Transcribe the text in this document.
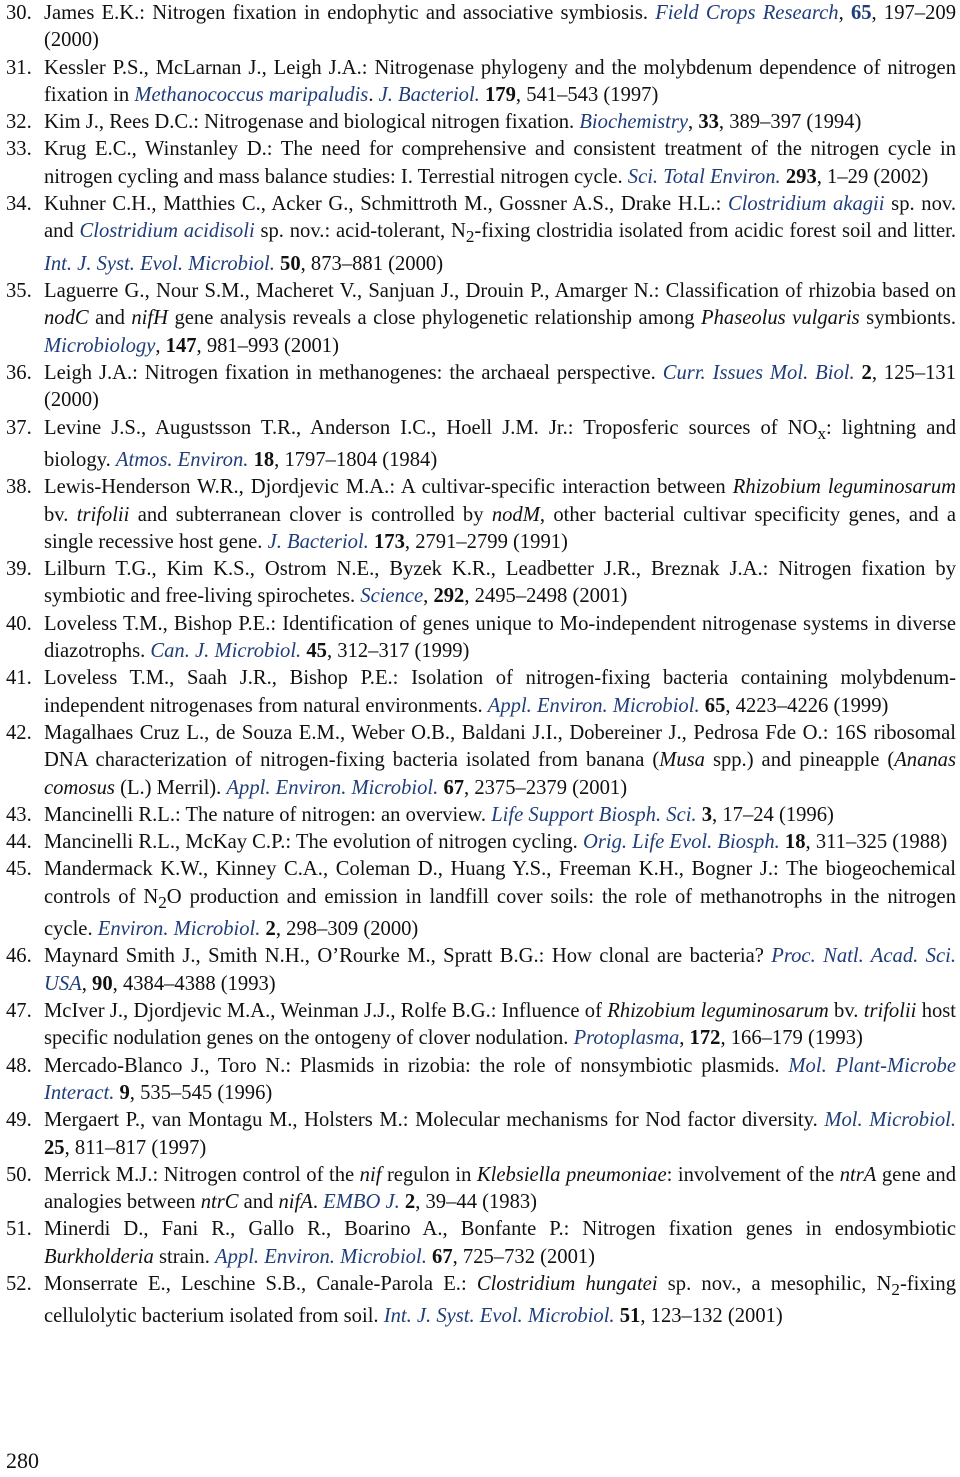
30. James E.K.: Nitrogen fixation in endophytic and associative symbiosis. Field Crops Research, 65, 197–209 (2000)
31. Kessler P.S., McLarnan J., Leigh J.A.: Nitrogenase phylogeny and the molybdenum dependence of nitrogen fixation in Methanococcus maripaludis. J. Bacteriol. 179, 541–543 (1997)
32. Kim J., Rees D.C.: Nitrogenase and biological nitrogen fixation. Biochemistry, 33, 389–397 (1994)
33. Krug E.C., Winstanley D.: The need for comprehensive and consistent treatment of the nitrogen cycle in nitrogen cycling and mass balance studies: I. Terrestial nitrogen cycle. Sci. Total Environ. 293, 1–29 (2002)
34. Kuhner C.H., Matthies C., Acker G., Schmittroth M., Gossner A.S., Drake H.L.: Clostridium akagii sp. nov. and Clostridium acidisoli sp. nov.: acid-tolerant, $N_2$-fixing clostridia isolated from acidic forest soil and litter. Int. J. Syst. Evol. Microbiol. 50, 873–881 (2000)
35. Laguerre G., Nour S.M., Macheret V., Sanjuan J., Drouin P., Amarger N.: Classification of rhizobia based on nodC and nifH gene analysis reveals a close phylogenetic relationship among Phaseolus vulgaris symbionts. Microbiology, 147, 981–993 (2001)
36. Leigh J.A.: Nitrogen fixation in methanogenes: the archaeal perspective. Curr. Issues Mol. Biol. 2, 125–131 (2000)
37. Levine J.S., Augustsson T.R., Anderson I.C., Hoell J.M. Jr.: Troposferic sources of $NO_x$: lightning and biology. Atmos. Environ. 18, 1797–1804 (1984)
38. Lewis-Henderson W.R., Djordjevic M.A.: A cultivar-specific interaction between Rhizobium leguminosarum bv. trifolii and subterranean clover is controlled by nodM, other bacterial cultivar specificity genes, and a single recessive host gene. J. Bacteriol. 173, 2791–2799 (1991)
39. Lilburn T.G., Kim K.S., Ostrom N.E., Byzek K.R., Leadbetter J.R., Breznak J.A.: Nitrogen fixation by symbiotic and free-living spirochetes. Science, 292, 2495–2498 (2001)
40. Loveless T.M., Bishop P.E.: Identification of genes unique to Mo-independent nitrogenase systems in diverse diazotrophs. Can. J. Microbiol. 45, 312–317 (1999)
41. Loveless T.M., Saah J.R., Bishop P.E.: Isolation of nitrogen-fixing bacteria containing molybdenum-independent nitrogenases from natural environments. Appl. Environ. Microbiol. 65, 4223–4226 (1999)
42. Magalhaes Cruz L., de Souza E.M., Weber O.B., Baldani J.I., Dobereiner J., Pedrosa Fde O.: 16S ribosomal DNA characterization of nitrogen-fixing bacteria isolated from banana (Musa spp.) and pineapple (Ananas comosus (L.) Merril). Appl. Environ. Microbiol. 67, 2375–2379 (2001)
43. Mancinelli R.L.: The nature of nitrogen: an overview. Life Support Biosph. Sci. 3, 17–24 (1996)
44. Mancinelli R.L., McKay C.P.: The evolution of nitrogen cycling. Orig. Life Evol. Biosph. 18, 311–325 (1988)
45. Mandermack K.W., Kinney C.A., Coleman D., Huang Y.S., Freeman K.H., Bogner J.: The biogeochemical controls of $N_2O$ production and emission in landfill cover soils: the role of methanotrophs in the nitrogen cycle. Environ. Microbiol. 2, 298–309 (2000)
46. Maynard Smith J., Smith N.H., O’Rourke M., Spratt B.G.: How clonal are bacteria? Proc. Natl. Acad. Sci. USA, 90, 4384–4388 (1993)
47. McIver J., Djordjevic M.A., Weinman J.J., Rolfe B.G.: Influence of Rhizobium leguminosarum bv. trifolii host specific nodulation genes on the ontogeny of clover nodulation. Protoplasma, 172, 166–179 (1993)
48. Mercado-Blanco J., Toro N.: Plasmids in rizobia: the role of nonsymbiotic plasmids. Mol. Plant-Microbe Interact. 9, 535–545 (1996)
49. Mergaert P., van Montagu M., Holsters M.: Molecular mechanisms for Nod factor diversity. Mol. Microbiol. 25, 811–817 (1997)
50. Merrick M.J.: Nitrogen control of the nif regulon in Klebsiella pneumoniae: involvement of the ntrA gene and analogies between ntrC and nifA. EMBO J. 2, 39–44 (1983)
51. Minerdi D., Fani R., Gallo R., Boarino A., Bonfante P.: Nitrogen fixation genes in endosymbiotic Burkholderia strain. Appl. Environ. Microbiol. 67, 725–732 (2001)
52. Monserrate E., Leschine S.B., Canale-Parola E.: Clostridium hungatei sp. nov., a mesophilic, $N_2$-fixing cellulolytic bacterium isolated from soil. Int. J. Syst. Evol. Microbiol. 51, 123–132 (2001)
280
